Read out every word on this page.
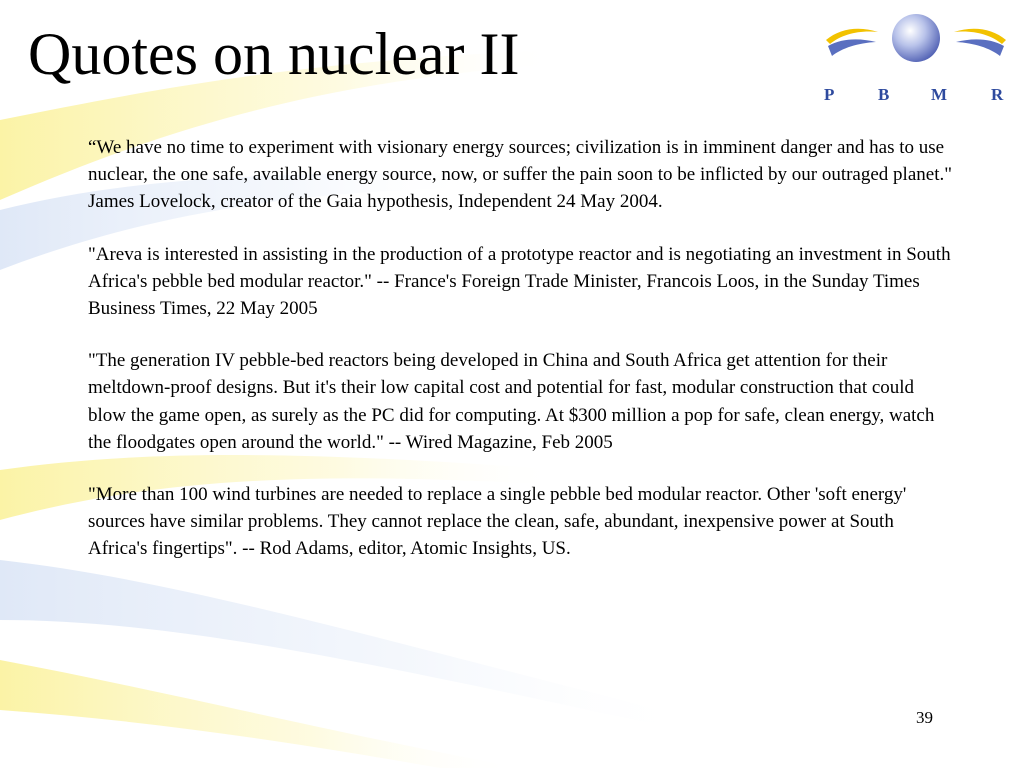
Quotes on nuclear II
P	B M	R

“We have no time to experiment with visionary energy sources; civilization is in imminent danger and has to use nuclear, the one safe, available energy source, now, or suffer the pain soon to be inflicted by our outraged planet." James Lovelock, creator of the Gaia hypothesis, Independent 24 May 2004.

"Areva is interested in assisting in the production of a prototype reactor and is negotiating an investment in South Africa's pebble bed modular reactor." -- France's Foreign Trade Minister, Francois Loos, in the Sunday Times Business Times, 22 May 2005

"The generation IV pebble-bed reactors being developed in China and South Africa get attention for their meltdown-proof designs. But it's their low capital cost and potential for fast, modular construction that could blow the game open, as surely as the PC did for computing. At $300 million a pop for safe, clean energy, watch the floodgates open around the world." -- Wired Magazine, Feb 2005

"More than 100 wind turbines are needed to replace a single pebble bed modular reactor. Other 'soft energy' sources have similar problems. They cannot replace the clean, safe, abundant, inexpensive power at South Africa's fingertips". -- Rod Adams, editor, Atomic Insights, US.

39
